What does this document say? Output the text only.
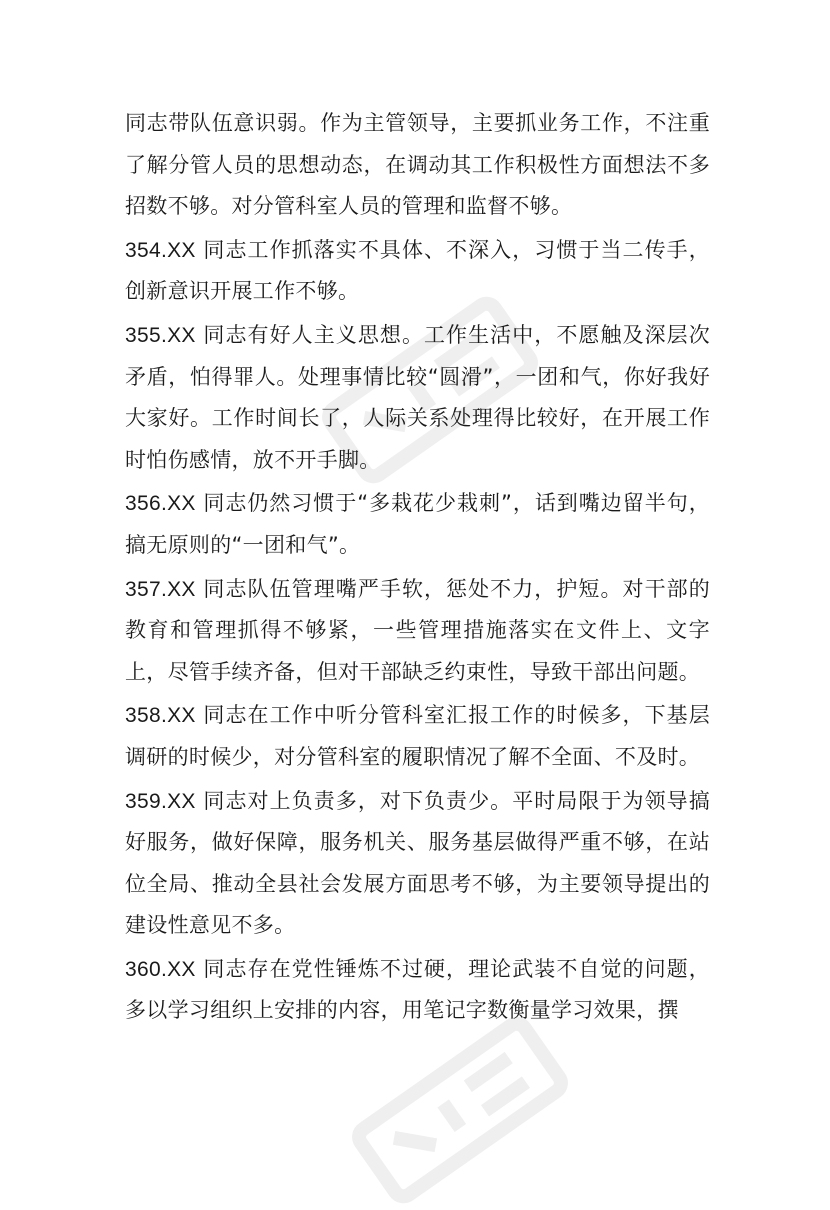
同志带队伍意识弱。作为主管领导，主要抓业务工作，不注重了解分管人员的思想动态，在调动其工作积极性方面想法不多招数不够。对分管科室人员的管理和监督不够。

354.XX 同志工作抓落实不具体、不深入，习惯于当二传手，创新意识开展工作不够。

355.XX 同志有好人主义思想。工作生活中，不愿触及深层次矛盾，怕得罪人。处理事情比较“圆滑”，一团和气，你好我好大家好。工作时间长了，人际关系处理得比较好，在开展工作时怕伤感情，放不开手脚。

356.XX 同志仍然习惯于“多栽花少栽刺”，话到嘴边留半句，搞无原则的“一团和气”。

357.XX 同志队伍管理嘴严手软，惩处不力，护短。对干部的教育和管理抓得不够紧，一些管理措施落实在文件上、文字上，尽管手续齐备，但对干部缺乏约束性，导致干部出问题。

358.XX 同志在工作中听分管科室汇报工作的时候多，下基层调研的时候少，对分管科室的履职情况了解不全面、不及时。

359.XX 同志对上负责多，对下负责少。平时局限于为领导搞好服务，做好保障，服务机关、服务基层做得严重不够，在站位全局、推动全县社会发展方面思考不够，为主要领导提出的建设性意见不多。

360.XX 同志存在党性锤炼不过硬，理论武装不自觉的问题，多以学习组织上安排的内容，用笔记字数衡量学习效果，撰
